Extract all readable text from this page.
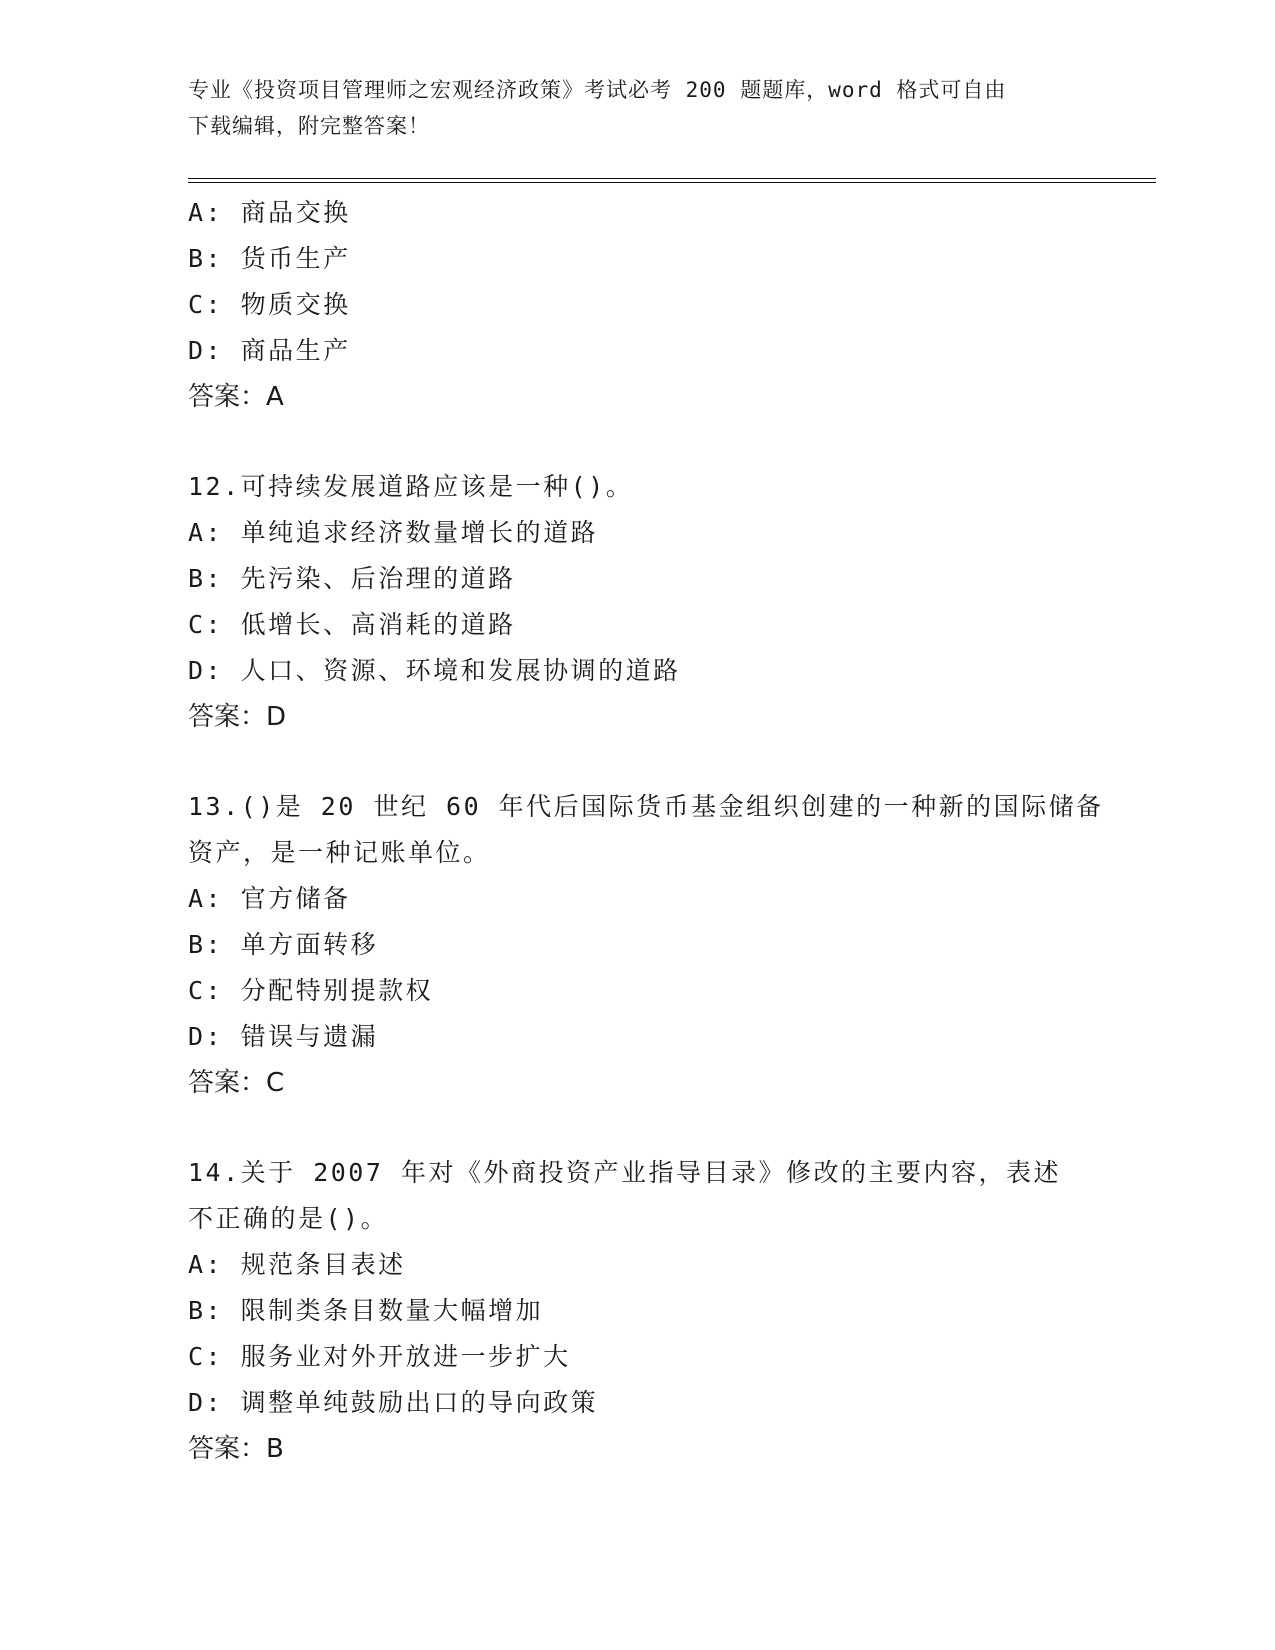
专业《投资项目管理师之宏观经济政策》考试必考 200 题题库，word 格式可自由
下载编辑，附完整答案！
A: 商品交换
B: 货币生产
C: 物质交换
D: 商品生产
答案：A
12.可持续发展道路应该是一种()。
A: 单纯追求经济数量增长的道路
B: 先污染、后治理的道路
C: 低增长、高消耗的道路
D: 人口、资源、环境和发展协调的道路
答案：D
13.()是 20 世纪 60 年代后国际货币基金组织创建的一种新的国际储备
资产，是一种记账单位。
A: 官方储备
B: 单方面转移
C: 分配特别提款权
D: 错误与遗漏
答案：C
14.关于 2007 年对《外商投资产业指导目录》修改的主要内容，表述
不正确的是()。
A: 规范条目表述
B: 限制类条目数量大幅增加
C: 服务业对外开放进一步扩大
D: 调整单纯鼓励出口的导向政策
答案：B
